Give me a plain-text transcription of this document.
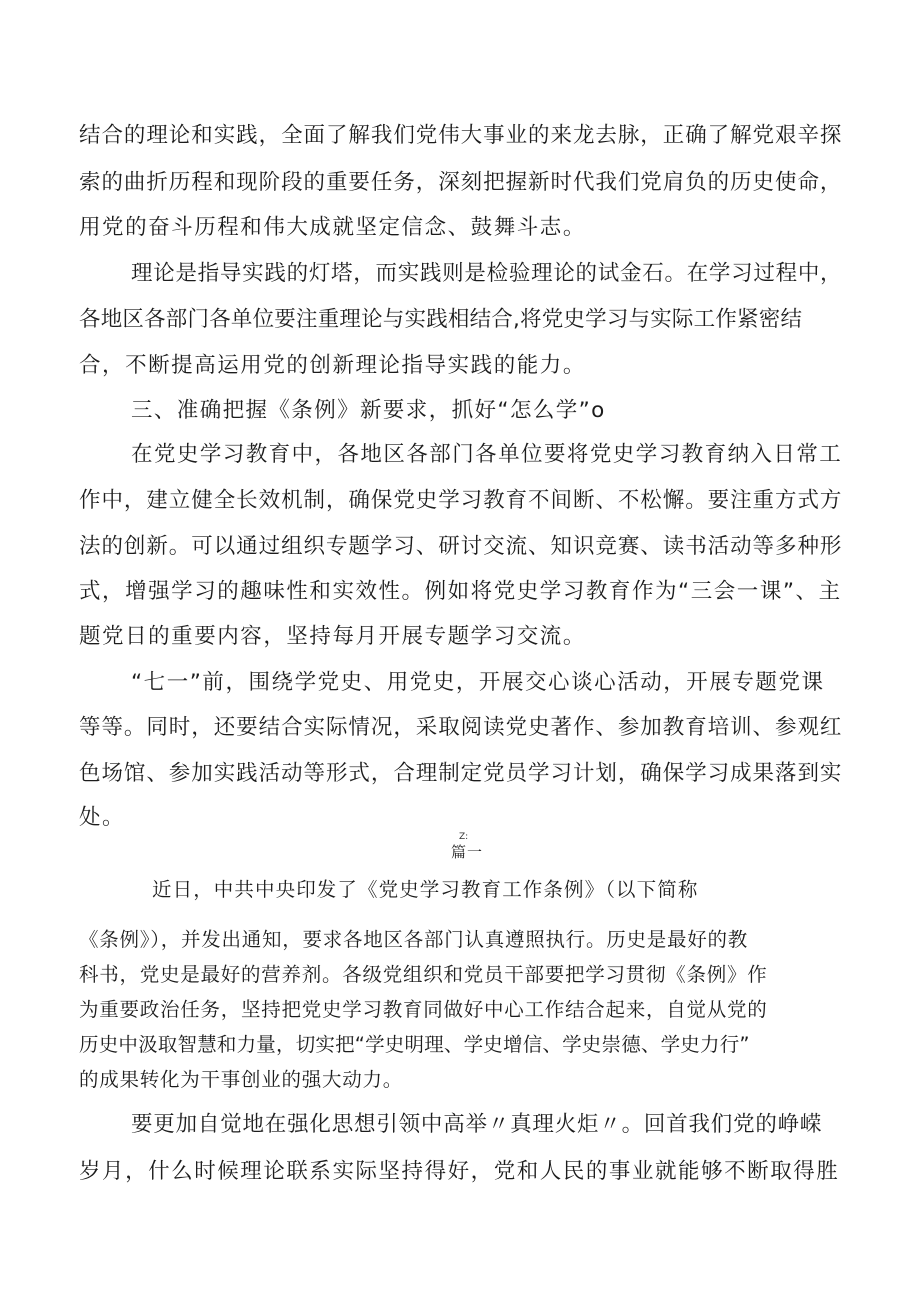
结合的理论和实践，全面了解我们党伟大事业的来龙去脉，正确了解党艰辛探
索的曲折历程和现阶段的重要任务，深刻把握新时代我们党肩负的历史使命，
用党的奋斗历程和伟大成就坚定信念、鼓舞斗志。
理论是指导实践的灯塔，而实践则是检验理论的试金石。在学习过程中，
各地区各部门各单位要注重理论与实践相结合,将党史学习与实际工作紧密结
合，不断提高运用党的创新理论指导实践的能力。
三、准确把握《条例》新要求，抓好“怎么学”o
在党史学习教育中，各地区各部门各单位要将党史学习教育纳入日常工
作中，建立健全长效机制，确保党史学习教育不间断、不松懈。要注重方式方
法的创新。可以通过组织专题学习、研讨交流、知识竞赛、读书活动等多种形
式，增强学习的趣味性和实效性。例如将党史学习教育作为“三会一课”、主
题党日的重要内容，坚持每月开展专题学习交流。
“七一”前，围绕学党史、用党史，开展交心谈心活动，开展专题党课
等等。同时，还要结合实际情况，采取阅读党史著作、参加教育培训、参观红
色场馆、参加实践活动等形式，合理制定党员学习计划，确保学习成果落到实
处。
Z:
篇一
近日，中共中央印发了《党史学习教育工作条例》（以下简称
《条例》），并发出通知，要求各地区各部门认真遵照执行。历史是最好的教
科书，党史是最好的营养剂。各级党组织和党员干部要把学习贯彻《条例》作
为重要政治任务，坚持把党史学习教育同做好中心工作结合起来，自觉从党的
历史中汲取智慧和力量，切实把“学史明理、学史增信、学史崇德、学史力行”
的成果转化为干事创业的强大动力。
要更加自觉地在强化思想引领中高举〃真理火炬〃。回首我们党的峥嵘
岁月，什么时候理论联系实际坚持得好，党和人民的事业就能够不断取得胜
